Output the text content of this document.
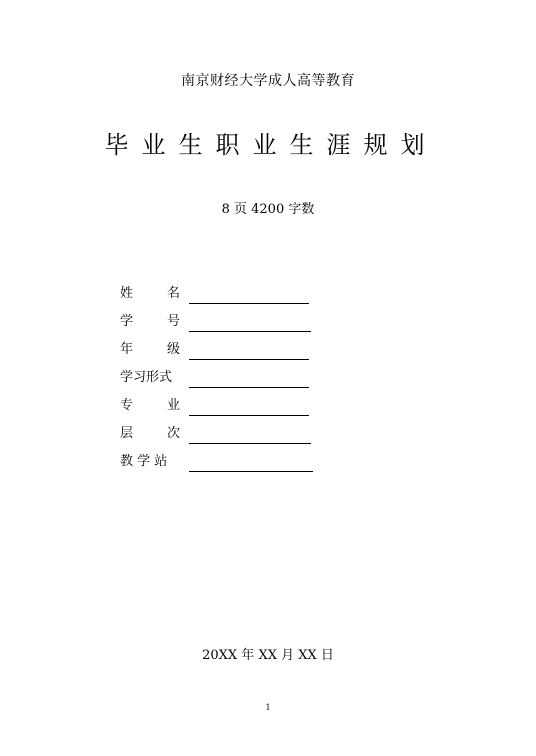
南京财经大学成人高等教育
毕业生职业生涯规划
8 页 4200 字数
姓	名
学	号
年	级
学习形式
专	业
层	次
教 学 站
20XX 年 XX 月 XX 日
1
